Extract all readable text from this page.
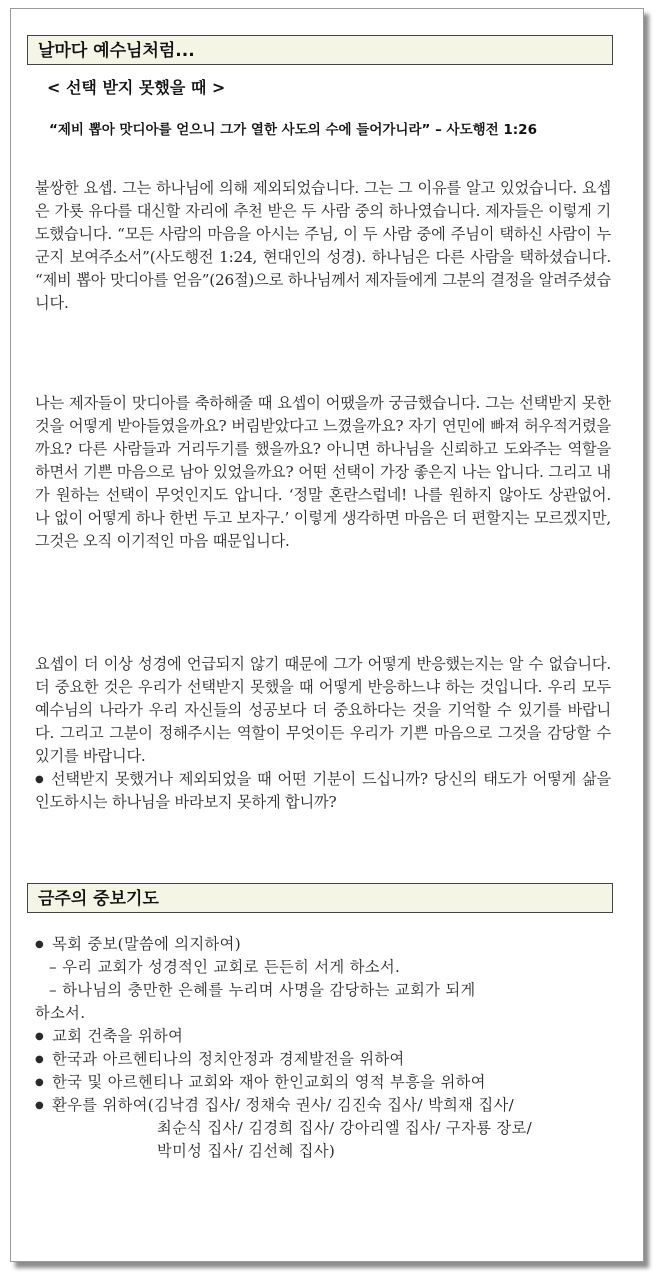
날마다 예수님처럼...
< 선택 받지 못했을 때 >
“제비 뽑아 맛디아를 얻으니 그가 열한 사도의 수에 들어가니라” – 사도행전 1:26
불쌍한 요셉. 그는 하나님에 의해 제외되었습니다. 그는 그 이유를 알고 있었습니다. 요셉은 가룟 유다를 대신할 자리에 추천 받은 두 사람 중의 하나였습니다. 제자들은 이렇게 기도했습니다. “모든 사람의 마음을 아시는 주님, 이 두 사람 중에 주님이 택하신 사람이 누군지 보여주소서”(사도행전 1:24, 현대인의 성경). 하나님은 다른 사람을 택하셨습니다. “제비 뽑아 맛디아를 얻음”(26절)으로 하나님께서 제자들에게 그분의 결정을 알려주셨습니다.
나는 제자들이 맛디아를 축하해줄 때 요셉이 어땠을까 궁금했습니다. 그는 선택받지 못한 것을 어떻게 받아들였을까요? 버림받았다고 느꼈을까요? 자기 연민에 빠져 허우적거렸을까요? 다른 사람들과 거리두기를 했을까요? 아니면 하나님을 신뢰하고 도와주는 역할을 하면서 기쁜 마음으로 남아 있었을까요? 어떤 선택이 가장 좋은지 나는 압니다. 그리고 내가 원하는 선택이 무엇인지도 압니다. ‘정말 혼란스럽네! 나를 원하지 않아도 상관없어. 나 없이 어떻게 하나 한번 두고 보자구.’ 이렇게 생각하면 마음은 더 편할지는 모르겠지만, 그것은 오직 이기적인 마음 때문입니다.
요셉이 더 이상 성경에 언급되지 않기 때문에 그가 어떻게 반응했는지는 알 수 없습니다. 더 중요한 것은 우리가 선택받지 못했을 때 어떻게 반응하느냐 하는 것입니다. 우리 모두 예수님의 나라가 우리 자신들의 성공보다 더 중요하다는 것을 기억할 수 있기를 바랍니다. 그리고 그분이 정해주시는 역할이 무엇이든 우리가 기쁜 마음으로 그것을 감당할 수 있기를 바랍니다.
● 선택받지 못했거나 제외되었을 때 어떤 기분이 드십니까? 당신의 태도가 어떻게 삶을 인도하시는 하나님을 바라보지 못하게 합니까?
금주의 중보기도
● 목회 중보(말씀에 의지하여)
– 우리 교회가 성경적인 교회로 든든히 서게 하소서.
– 하나님의 충만한 은혜를 누리며 사명을 감당하는 교회가 되게
하소서.
● 교회 건축을 위하여
● 한국과 아르헨티나의 정치안정과 경제발전을 위하여
● 한국 및 아르헨티나 교회와 재아 한인교회의 영적 부흥을 위하여
● 환우를 위하여(김낙겸 집사/ 정채숙 권사/ 김진숙 집사/ 박희재 집사/
최순식 집사/ 김경희 집사/ 강아리엘 집사/ 구자룡 장로/
박미성 집사/ 김선혜 집사)
